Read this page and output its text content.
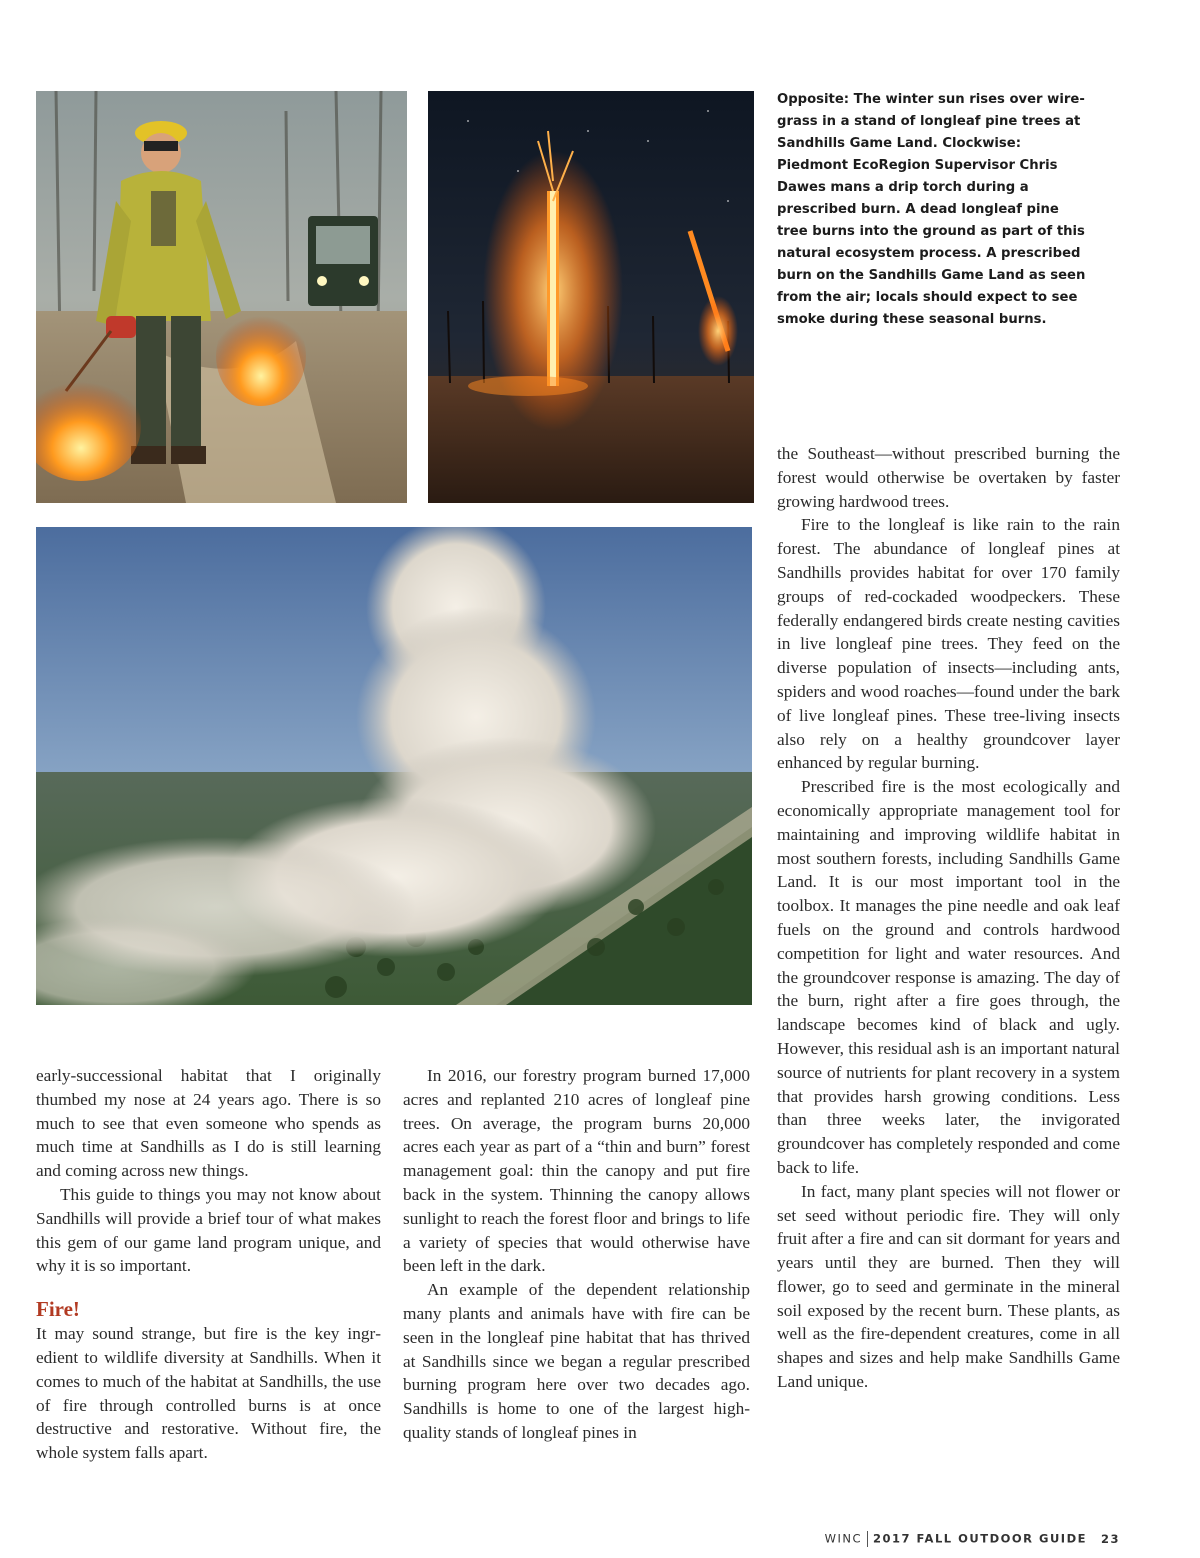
Opposite: The winter sun rises over wiregrass in a stand of longleaf pine trees at Sandhills Game Land. Clockwise: Piedmont EcoRegion Supervisor Chris Dawes mans a drip torch during a prescribed burn. A dead longleaf pine tree burns into the ground as part of this natural ecosystem process. A prescribed burn on the Sandhills Game Land as seen from the air; locals should expect to see smoke during these seasonal burns.

early-successional habitat that I originally thumbed my nose at 24 years ago. There is so much to see that even someone who spends as much time at Sandhills as I do is still learning and coming across new things.

This guide to things you may not know about Sandhills will provide a brief tour of what makes this gem of our game land program unique, and why it is so important.

Fire!

It may sound strange, but fire is the key ingredient to wildlife diversity at Sandhills. When it comes to much of the habitat at Sandhills, the use of fire through controlled burns is at once destructive and restorative. Without fire, the whole system falls apart.

In 2016, our forestry program burned 17,000 acres and replanted 210 acres of longleaf pine trees. On average, the program burns 20,000 acres each year as part of a “thin and burn” forest management goal: thin the canopy and put fire back in the system. Thinning the canopy allows sunlight to reach the forest floor and brings to life a variety of species that would otherwise have been left in the dark.

An example of the dependent relationship many plants and animals have with fire can be seen in the longleaf pine habitat that has thrived at Sandhills since we began a regular prescribed burning program here over two decades ago. Sandhills is home to one of the largest high-quality stands of longleaf pines in

the Southeast—without prescribed burning the forest would otherwise be overtaken by faster growing hardwood trees.

Fire to the longleaf is like rain to the rain forest. The abundance of longleaf pines at Sandhills provides habitat for over 170 family groups of red-cockaded woodpeckers. These federally endangered birds create nesting cavities in live longleaf pine trees. They feed on the diverse population of insects—including ants, spiders and wood roaches—found under the bark of live longleaf pines. These tree-living insects also rely on a healthy groundcover layer enhanced by regular burning.

Prescribed fire is the most ecologically and economically appropriate management tool for maintaining and improving wildlife habitat in most southern forests, including Sandhills Game Land. It is our most important tool in the toolbox. It manages the pine needle and oak leaf fuels on the ground and controls hardwood competition for light and water resources. And the groundcover response is amazing. The day of the burn, right after a fire goes through, the landscape becomes kind of black and ugly. However, this residual ash is an important natural source of nutrients for plant recovery in a system that provides harsh growing conditions. Less than three weeks later, the invigorated groundcover has completely responded and come back to life.

In fact, many plant species will not flower or set seed without periodic fire. They will only fruit after a fire and can sit dormant for years and years until they are burned. Then they will flower, go to seed and germinate in the mineral soil exposed by the recent burn. These plants, as well as the fire-dependent creatures, come in all shapes and sizes and help make Sandhills Game Land unique.

WINC 2017 FALL OUTDOOR GUIDE 23
